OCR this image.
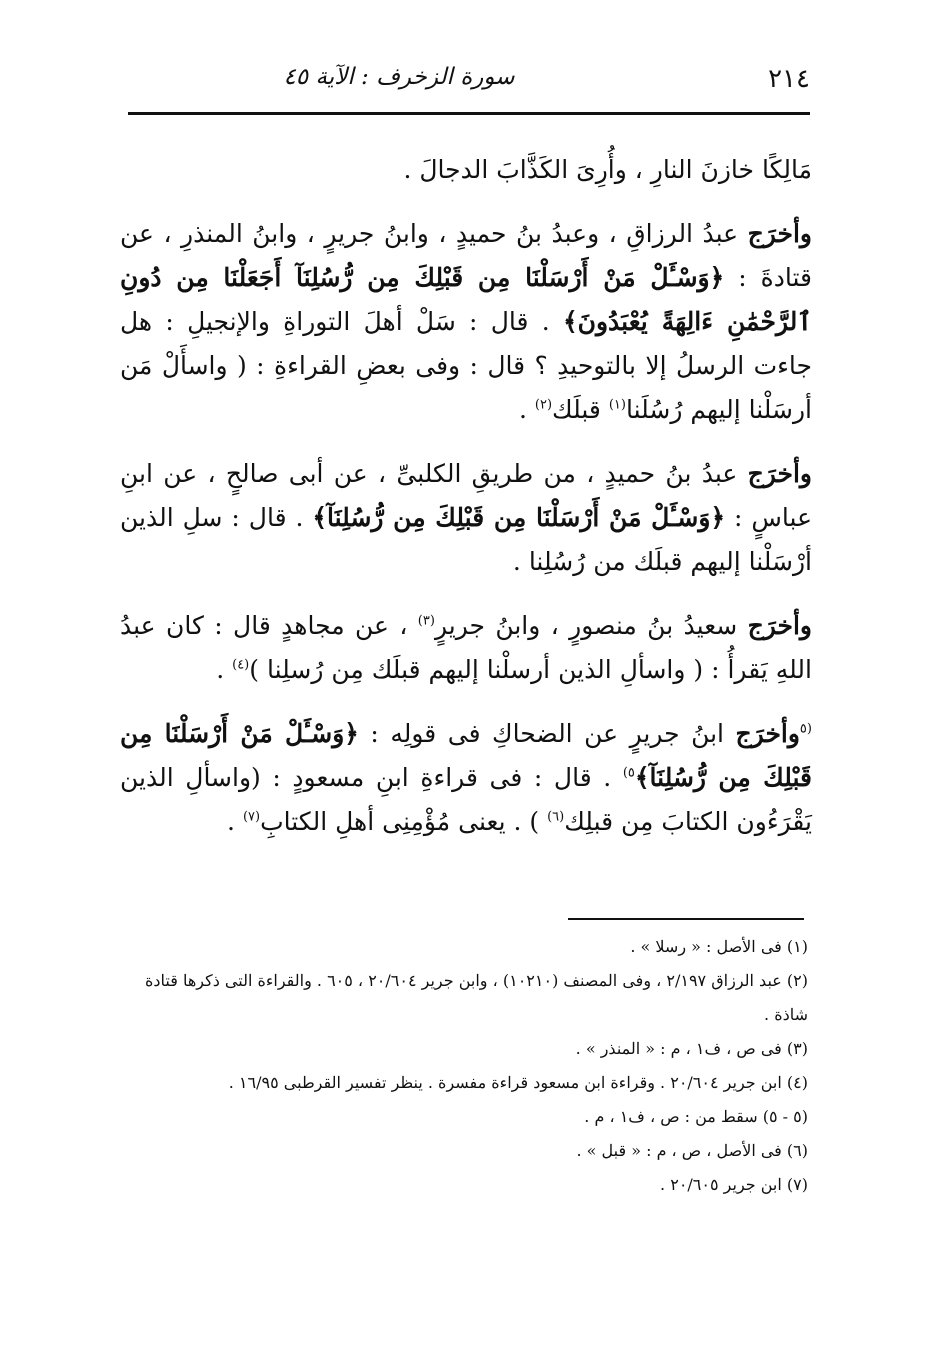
٢١٤
سورة الزخرف : الآية ٤٥

مَالِكًا خازنَ النارِ ، وأُرِىَ الكَذَّابَ الدجالَ .

وأخرَج عبدُ الرزاقِ ، وعبدُ بنُ حميدٍ ، وابنُ جريرٍ ، وابنُ المنذرِ ، عن قتادةَ : ﴿وَسْـَٔلْ مَنْ أَرْسَلْنَا مِن قَبْلِكَ مِن رُّسُلِنَآ أَجَعَلْنَا مِن دُونِ ٱلرَّحْمَٰنِ ءَالِهَةً يُعْبَدُونَ﴾ . قال : سَلْ أهلَ التوراةِ والإنجيلِ : هل جاءت الرسلُ إلا بالتوحيدِ ؟ قال : وفى بعضِ القراءةِ : ( واسأَلْ مَن أرسَلْنا إليهم رُسُلَنا$^{(١)}$ قبلَك$^{(٢)}$ .

وأخرَج عبدُ بنُ حميدٍ ، من طريقِ الكلبىِّ ، عن أبى صالحٍ ، عن ابنِ عباسٍ : ﴿وَسْـَٔلْ مَنْ أَرْسَلْنَا مِن قَبْلِكَ مِن رُّسُلِنَآ﴾ . قال : سلِ الذين أرْسَلْنا إليهم قبلَك من رُسُلِنا .

وأخرَج سعيدُ بنُ منصورٍ ، وابنُ جريرٍ$^{(٣)}$ ، عن مجاهدٍ قال : كان عبدُ اللهِ يَقرأُ : ( واسألِ الذين أرسلْنا إليهم قبلَك مِن رُسلِنا )$^{(٤)}$ .

$^{(٥}$وأخرَج ابنُ جريرٍ عن الضحاكِ فى قولِه : ﴿وَسْـَٔلْ مَنْ أَرْسَلْنَا مِن قَبْلِكَ مِن رُّسُلِنَآ﴾$^{٥)}$ . قال : فى قراءةِ ابنِ مسعودٍ : (واسألِ الذين يَقْرَءُون الكتابَ مِن قبلِك$^{(٦)}$ ) . يعنى مُؤْمِنِى أهلِ الكتابِ$^{(٧)}$ .

(١) فى الأصل : « رسلا » .

(٢) عبد الرزاق ٢/١٩٧ ، وفى المصنف (١٠٢١٠) ، وابن جرير ٢٠/٦٠٤ ، ٦٠٥ . والقراءة التى ذكرها قتادة شاذة .

(٣) فى ص ، ف١ ، م : « المنذر » .

(٤) ابن جرير ٢٠/٦٠٤ . وقراءة ابن مسعود قراءة مفسرة . ينظر تفسير القرطبى ١٦/٩٥ .

(٥ - ٥) سقط من : ص ، ف١ ، م .

(٦) فى الأصل ، ص ، م : « قبل » .

(٧) ابن جرير ٢٠/٦٠٥ .
